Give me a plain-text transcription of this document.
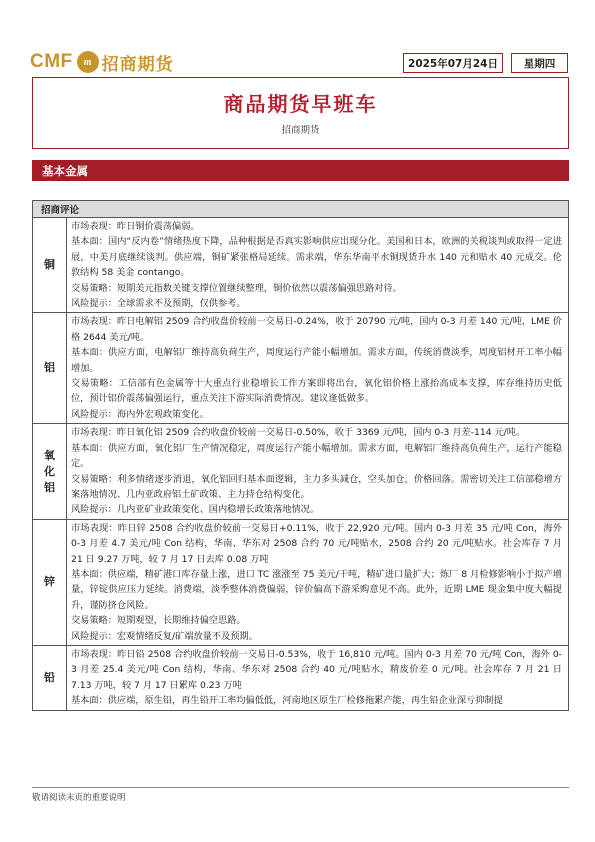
CMF	m 招商期货	2025年07月24日	星期四
商品期货早班车
招商期货
基本金属
招商评论
铜

市场表现：昨日铜价震荡偏弱。

基本面：国内“反内卷”情绪热度下降，品种根据是否真实影响供应出现分化。美国和日本，欧洲的关税谈判或取得一定进展，中美月底继续谈判。供应端，铜矿紧张格局延续。需求端，华东华南平水铜现货升水 140 元和贴水 40 元成交。伦敦结构 58 美金 contango。

交易策略：短期美元指数关键支撑位置继续整理，铜价依然以震荡偏强思路对待。

风险提示：全球需求不及预期，仅供参考。

铝

市场表现：昨日电解铝 2509 合约收盘价较前一交易日-0.24%，收于 20790 元/吨，国内 0-3 月差 140 元/吨，LME 价格 2644 美元/吨。

基本面：供应方面，电解铝厂维持高负荷生产，周度运行产能小幅增加。需求方面，传统消费淡季，周度铝材开工率小幅增加。

交易策略：工信部有色金属等十大重点行业稳增长工作方案即将出台，氧化铝价格上涨抬高成本支撑，库存维持历史低位，预计铝价震荡偏强运行，重点关注下游实际消费情况。建议逢低做多。

风险提示：海内外宏观政策变化。

氧
化
铝

市场表现：昨日氧化铝 2509 合约收盘价较前一交易日-0.50%，收于 3369 元/吨，国内 0-3 月差-114 元/吨。

基本面：供应方面，氧化铝厂生产情况稳定，周度运行产能小幅增加。需求方面，电解铝厂维持高负荷生产，运行产能稳定。

交易策略：利多情绪逐步消退，氧化铝回归基本面逻辑，主力多头减仓，空头加仓，价格回落。需密切关注工信部稳增方案落地情况、几内亚政府铝土矿政策、主力持仓结构变化。

风险提示：几内亚矿业政策变化、国内稳增长政策落地情况。

锌

市场表现：昨日锌 2508 合约收盘价较前一交易日+0.11%，收于 22,920 元/吨。国内 0-3 月差 35 元/吨 Con，海外 0-3 月差 4.7 美元/吨 Con 结构，华南、华东对 2508 合约 70 元/吨贴水，2508 合约 20 元/吨贴水。社会库存 7 月 21 日 9.27 万吨，较 7 月 17 日去库 0.08 万吨

基本面：供应端，精矿港口库存量上涨，进口 TC 涨涨至 75 美元/干吨，精矿进口量扩大；炼厂 8 月检修影响小于拟产增量，锌锭供应压力延续。消费端，淡季整体消费偏弱，锌价偏高下游采购意见不高。此外，近期 LME 现金集中度大幅提升，谨防挤仓风险。

交易策略：短期观望，长期维持偏空思路。

风险提示：宏观情绪反复/矿端放量不及预期。

铅

市场表现：昨日铅 2508 合约收盘价较前一交易日-0.53%，收于 16,810 元/吨。国内 0-3 月差 70 元/吨 Con，海外 0-3 月差 25.4 美元/吨 Con 结构，华南、华东对 2508 合约 40 元/吨贴水，精废价差 0 元/吨。社会库存 7 月 21 日 7.13 万吨，较 7 月 17 日累库 0.23 万吨

基本面：供应端，原生铅，再生铅开工率均偏低低，河南地区原生厂检修拖累产能，再生铅企业深亏抑制提

敬请阅读末页的重要说明
